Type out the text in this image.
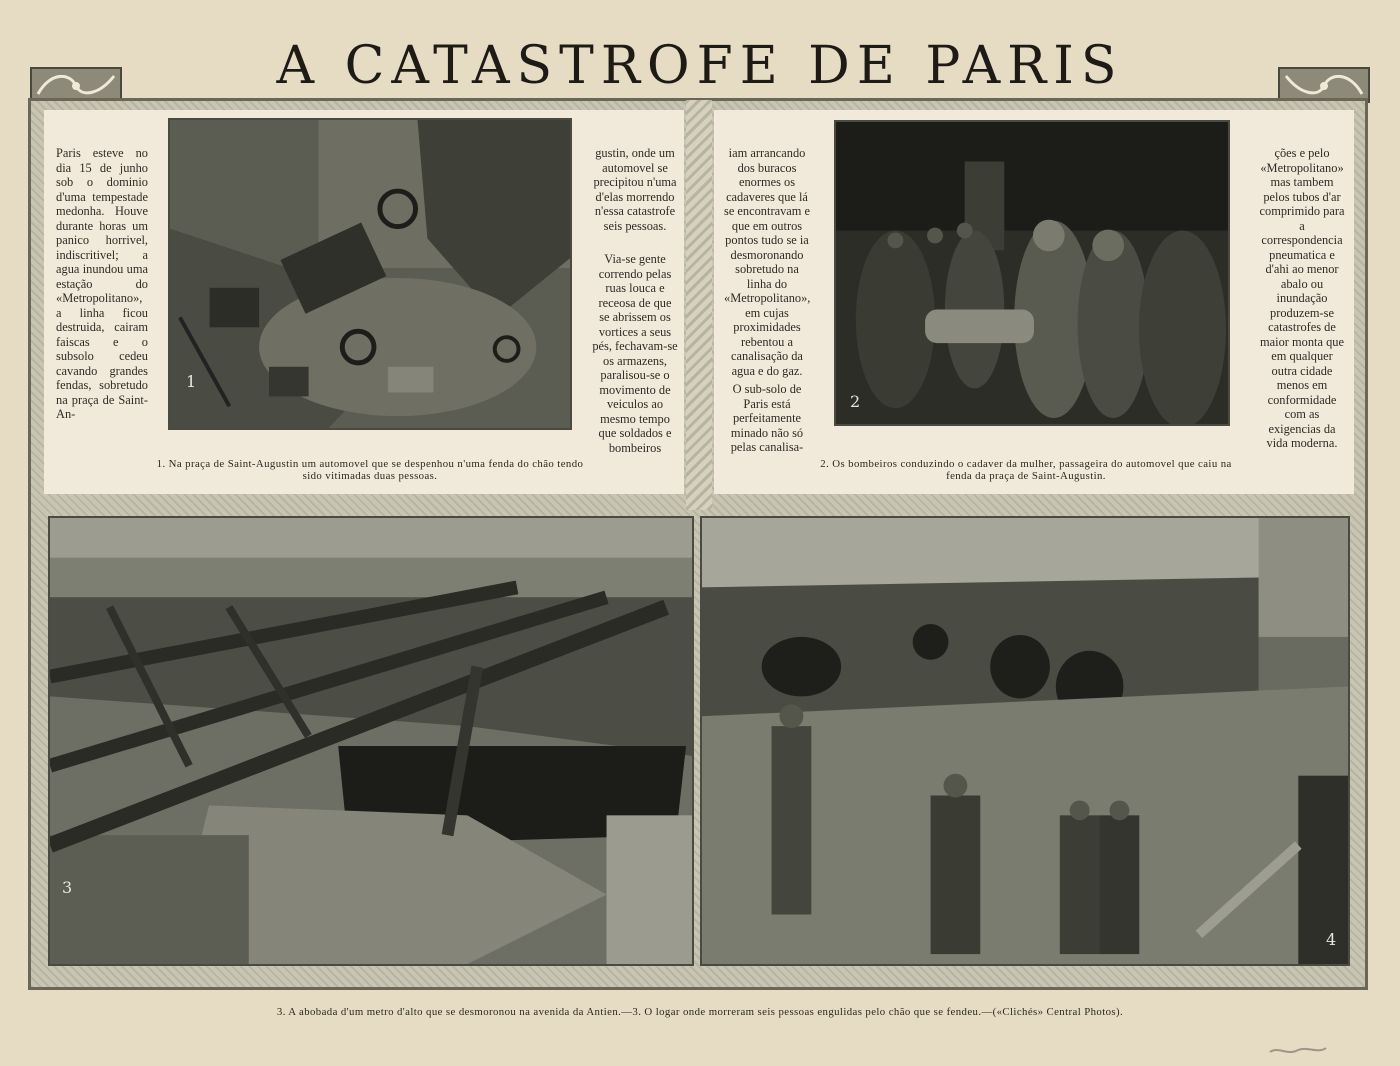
A CATASTROFE DE PARIS

Paris esteve no dia 15 de junho sob o dominio d'uma tempestade medonha. Houve durante horas um panico horrivel, indiscritivel; a agua inundou uma estação do «Metropolitano», a linha ficou destruida, cairam faiscas e o subsolo cedeu cavando grandes fendas, sobretudo na praça de Saint-An-

1

gustin, onde um automovel se precipitou n'uma d'elas morrendo n'essa catastrofe seis pessoas.

Via-se gente correndo pelas ruas louca e receosa de que se abrissem os vortices a seus pés, fechavam-se os armazens, paralisou-se o movimento de veiculos ao mesmo tempo que soldados e bombeiros

1. Na praça de Saint-Augustin um automovel que se despenhou n'uma fenda do chão tendo sido vitimadas duas pessoas.

iam arrancando dos buracos enormes os cadaveres que lá se encontravam e que em outros pontos tudo se ia desmoronando sobretudo na linha do «Metropolitano», em cujas proximidades rebentou a canalisação da agua e do gaz.

O sub-solo de Paris está perfeitamente minado não só pelas canalisa-

2

ções e pelo «Metropolitano» mas tambem pelos tubos d'ar comprimido para a correspondencia pneumatica e d'ahi ao menor abalo ou inundação produzem-se catastrofes de maior monta que em qualquer outra cidade menos em conformidade com as exigencias da vida moderna.

2. Os bombeiros conduzindo o cadaver da mulher, passageira do automovel que caiu na fenda da praça de Saint-Augustin.
3
4
3. A abobada d'um metro d'alto que se desmoronou na avenida da Antien.—3. O logar onde morreram seis pessoas engulidas pelo chão que se fendeu.—(«Clichés» Central Photos).
